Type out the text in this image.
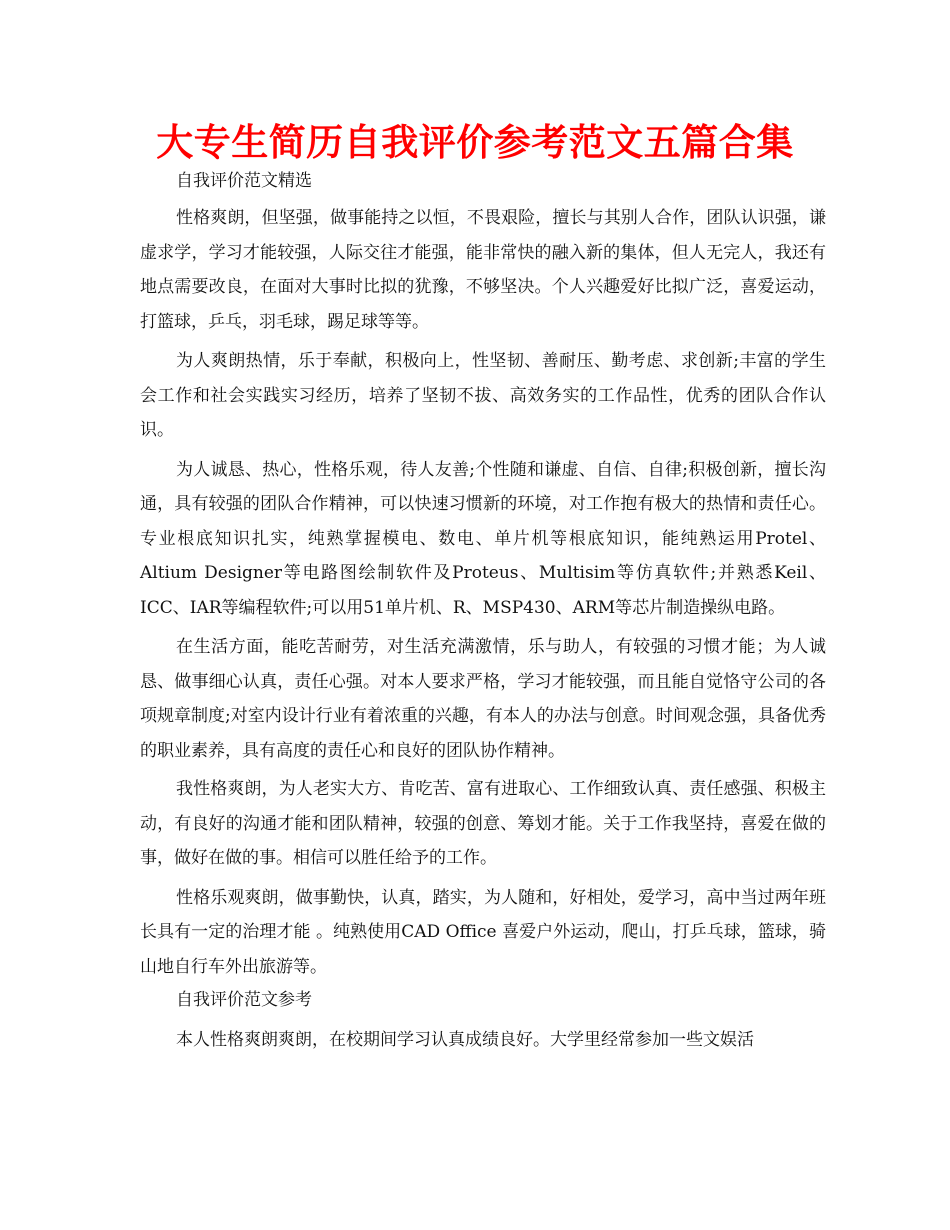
大专生简历自我评价参考范文五篇合集

自我评价范文精选

性格爽朗，但坚强，做事能持之以恒，不畏艰险，擅长与其别人合作，团队认识强，谦虚求学，学习才能较强，人际交往才能强，能非常快的融入新的集体，但人无完人，我还有地点需要改良，在面对大事时比拟的犹豫，不够坚决。个人兴趣爱好比拟广泛，喜爱运动，打篮球，乒乓，羽毛球，踢足球等等。

为人爽朗热情，乐于奉献，积极向上，性坚韧、善耐压、勤考虑、求创新;丰富的学生会工作和社会实践实习经历，培养了坚韧不拔、高效务实的工作品性，优秀的团队合作认识。

为人诚恳、热心，性格乐观，待人友善;个性随和谦虚、自信、自律;积极创新，擅长沟通，具有较强的团队合作精神，可以快速习惯新的环境，对工作抱有极大的热情和责任心。专业根底知识扎实，纯熟掌握模电、数电、单片机等根底知识，能纯熟运用Protel、Altium Designer等电路图绘制软件及Proteus、Multisim等仿真软件;并熟悉Keil、ICC、IAR等编程软件;可以用51单片机、R、MSP430、ARM等芯片制造操纵电路。

在生活方面，能吃苦耐劳，对生活充满激情，乐与助人，有较强的习惯才能；为人诚恳、做事细心认真，责任心强。对本人要求严格，学习才能较强，而且能自觉恪守公司的各项规章制度;对室内设计行业有着浓重的兴趣，有本人的办法与创意。时间观念强，具备优秀的职业素养，具有高度的责任心和良好的团队协作精神。

我性格爽朗，为人老实大方、肯吃苦、富有进取心、工作细致认真、责任感强、积极主动，有良好的沟通才能和团队精神，较强的创意、筹划才能。关于工作我坚持，喜爱在做的事，做好在做的事。相信可以胜任给予的工作。

性格乐观爽朗，做事勤快，认真，踏实，为人随和，好相处，爱学习，高中当过两年班长具有一定的治理才能 。纯熟使用CAD Office 喜爱户外运动，爬山，打乒乓球，篮球，骑山地自行车外出旅游等。

自我评价范文参考

本人性格爽朗爽朗，在校期间学习认真成绩良好。大学里经常参加一些文娱活
